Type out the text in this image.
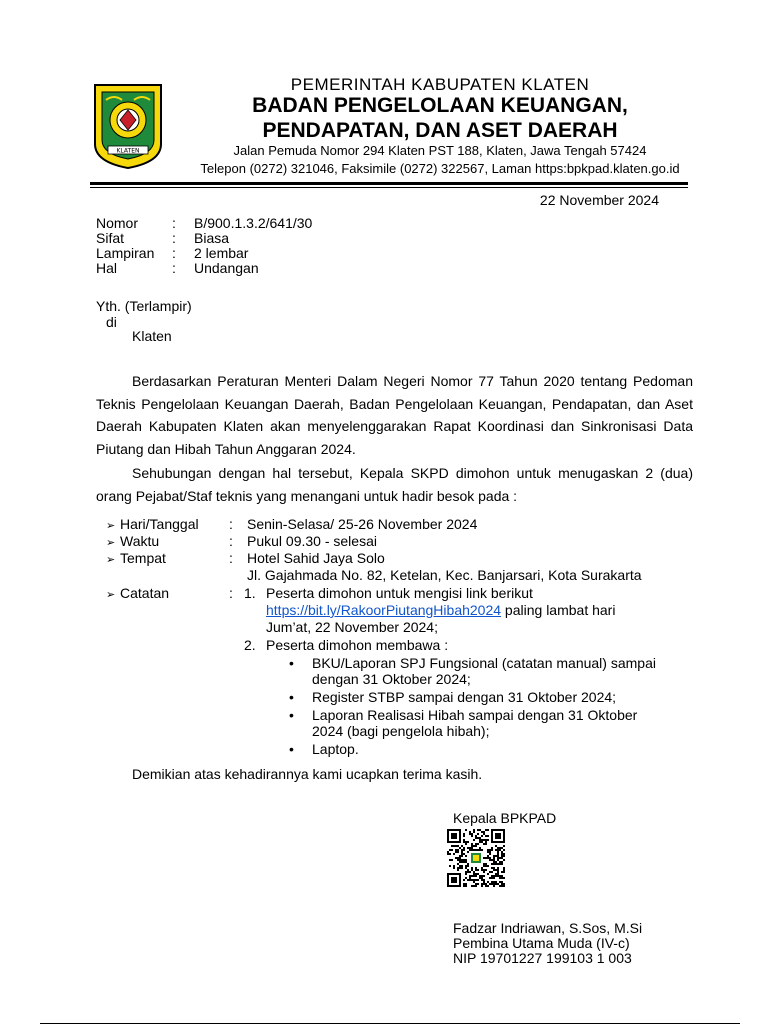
KLATEN
PEMERINTAH KABUPATEN KLATEN
BADAN PENGELOLAAN KEUANGAN,
PENDAPATAN, DAN ASET DAERAH
Jalan Pemuda Nomor 294 Klaten PST 188, Klaten, Jawa Tengah 57424
Telepon (0272) 321046, Faksimile (0272) 322567, Laman https:bpkpad.klaten.go.id
22 November 2024
Nomor	: B/900.1.3.2/641/30
Sifat	: Biasa
Lampiran	: 2 lembar
Hal	: Undangan
Yth. (Terlampir)
di
Klaten
Berdasarkan Peraturan Menteri Dalam Negeri Nomor 77 Tahun 2020 tentang Pedoman Teknis Pengelolaan Keuangan Daerah, Badan Pengelolaan Keuangan, Pendapatan, dan Aset Daerah Kabupaten Klaten akan menyelenggarakan Rapat Koordinasi dan Sinkronisasi Data Piutang dan Hibah Tahun Anggaran 2024.
Sehubungan dengan hal tersebut, Kepala SKPD dimohon untuk menugaskan 2 (dua) orang Pejabat/Staf teknis yang menangani untuk hadir besok pada :
➢ Hari/Tanggal : Senin-Selasa/ 25-26 November 2024
➢ Waktu	: Pukul 09.30 - selesai
➢ Tempat	: Hotel Sahid Jaya Solo
Jl. Gajahmada No. 82, Ketelan, Kec. Banjarsari, Kota Surakarta
➢ Catatan	: 1. Peserta dimohon untuk mengisi link berikut
https://bit.ly/RakoorPiutangHibah2024 paling lambat hari
Jum’at, 22 November 2024;
2. Peserta dimohon membawa :
• BKU/Laporan SPJ Fungsional (catatan manual) sampai
dengan 31 Oktober 2024;
• Register STBP sampai dengan 31 Oktober 2024;
• Laporan Realisasi Hibah sampai dengan 31 Oktober
2024 (bagi pengelola hibah);
• Laptop.
Demikian atas kehadirannya kami ucapkan terima kasih.
Kepala BPKPAD
Fadzar Indriawan, S.Sos, M.Si
Pembina Utama Muda (IV-c)
NIP 19701227 199103 1 003
